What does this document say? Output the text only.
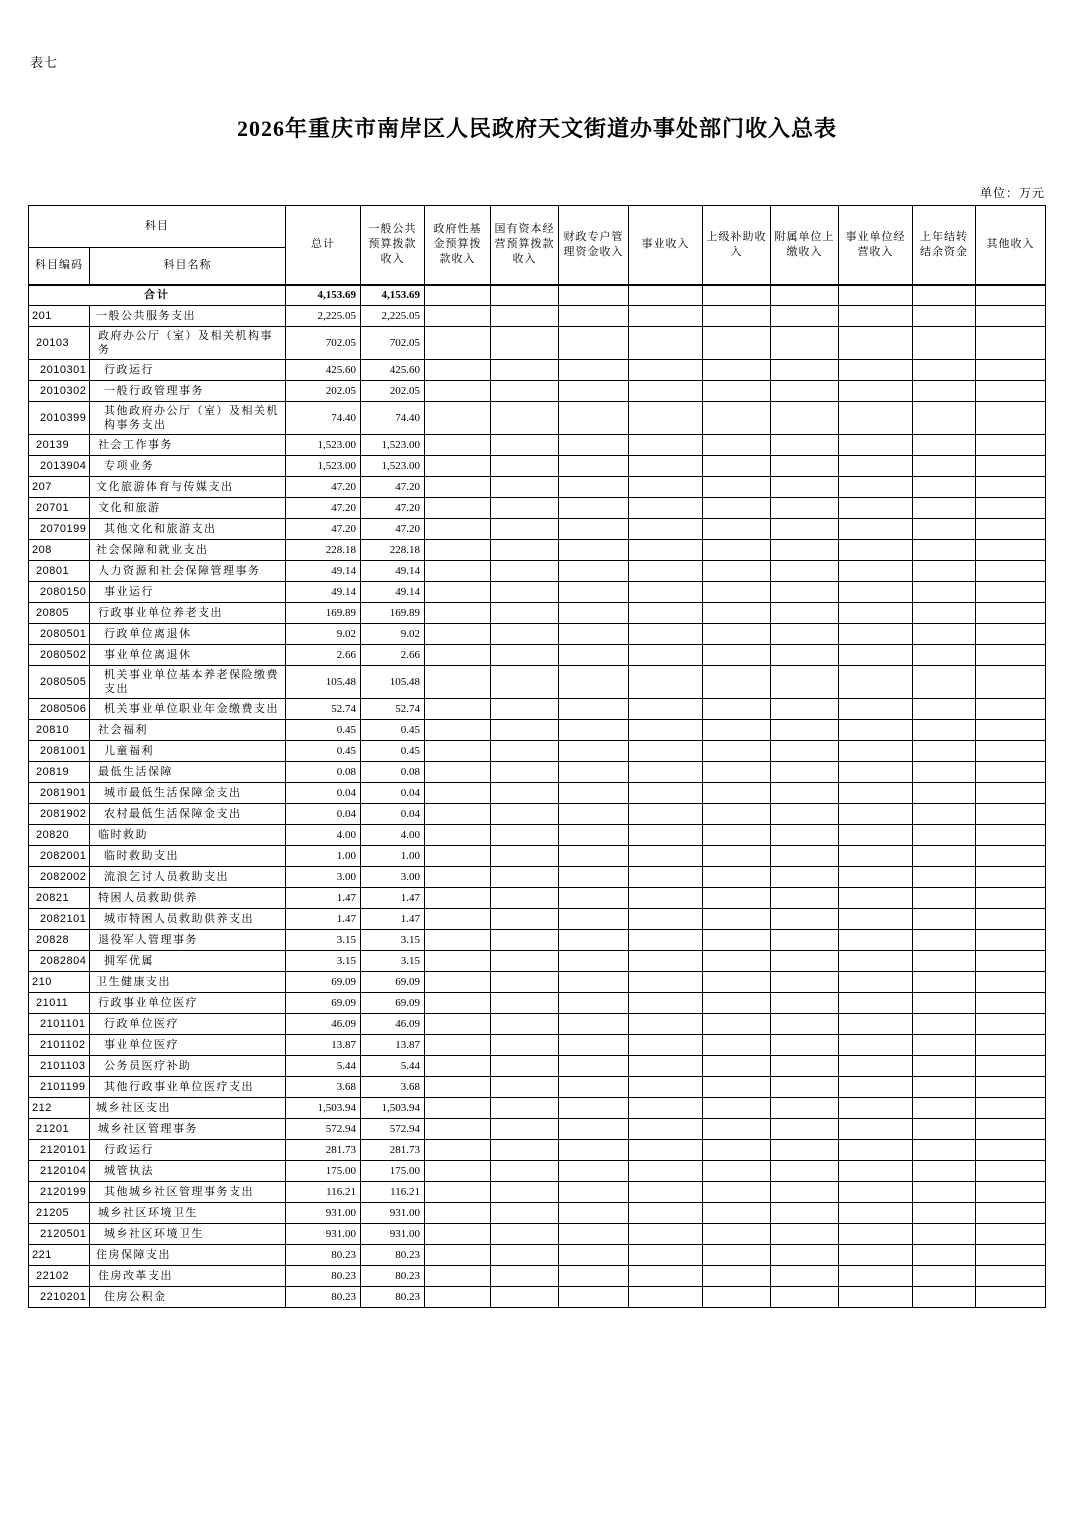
表七
2026年重庆市南岸区人民政府天文街道办事处部门收入总表
单位：万元
科目		总计	一般公共预算拨款收入	政府性基金预算拨款收入	国有资本经营预算拨款收入	财政专户管理资金收入	事业收入	上级补助收入	附属单位上缴收入	事业单位经营收入	上年结转结余资金	其他收入
科目编码	科目名称											
合计		4,153.69	4,153.69									
201	一般公共服务支出	2,225.05	2,225.05									
20103	政府办公厅（室）及相关机构事务	702.05	702.05									
2010301	行政运行	425.60	425.60									
2010302	一般行政管理事务	202.05	202.05									
2010399	其他政府办公厅（室）及相关机构事务支出	74.40	74.40									
20139	社会工作事务	1,523.00	1,523.00									
2013904	专项业务	1,523.00	1,523.00									
207	文化旅游体育与传媒支出	47.20	47.20									
20701	文化和旅游	47.20	47.20									
2070199	其他文化和旅游支出	47.20	47.20									
208	社会保障和就业支出	228.18	228.18									
20801	人力资源和社会保障管理事务	49.14	49.14									
2080150	事业运行	49.14	49.14									
20805	行政事业单位养老支出	169.89	169.89									
2080501	行政单位离退休	9.02	9.02									
2080502	事业单位离退休	2.66	2.66									
2080505	机关事业单位基本养老保险缴费支出	105.48	105.48									
2080506	机关事业单位职业年金缴费支出	52.74	52.74									
20810	社会福利	0.45	0.45									
2081001	儿童福利	0.45	0.45									
20819	最低生活保障	0.08	0.08									
2081901	城市最低生活保障金支出	0.04	0.04									
2081902	农村最低生活保障金支出	0.04	0.04									
20820	临时救助	4.00	4.00									
2082001	临时救助支出	1.00	1.00									
2082002	流浪乞讨人员救助支出	3.00	3.00									
20821	特困人员救助供养	1.47	1.47									
2082101	城市特困人员救助供养支出	1.47	1.47									
20828	退役军人管理事务	3.15	3.15									
2082804	拥军优属	3.15	3.15									
210	卫生健康支出	69.09	69.09									
21011	行政事业单位医疗	69.09	69.09									
2101101	行政单位医疗	46.09	46.09									
2101102	事业单位医疗	13.87	13.87									
2101103	公务员医疗补助	5.44	5.44									
2101199	其他行政事业单位医疗支出	3.68	3.68									
212	城乡社区支出	1,503.94	1,503.94									
21201	城乡社区管理事务	572.94	572.94									
2120101	行政运行	281.73	281.73									
2120104	城管执法	175.00	175.00									
2120199	其他城乡社区管理事务支出	116.21	116.21									
21205	城乡社区环境卫生	931.00	931.00									
2120501	城乡社区环境卫生	931.00	931.00									
221	住房保障支出	80.23	80.23									
22102	住房改革支出	80.23	80.23									
2210201	住房公积金	80.23	80.23									
